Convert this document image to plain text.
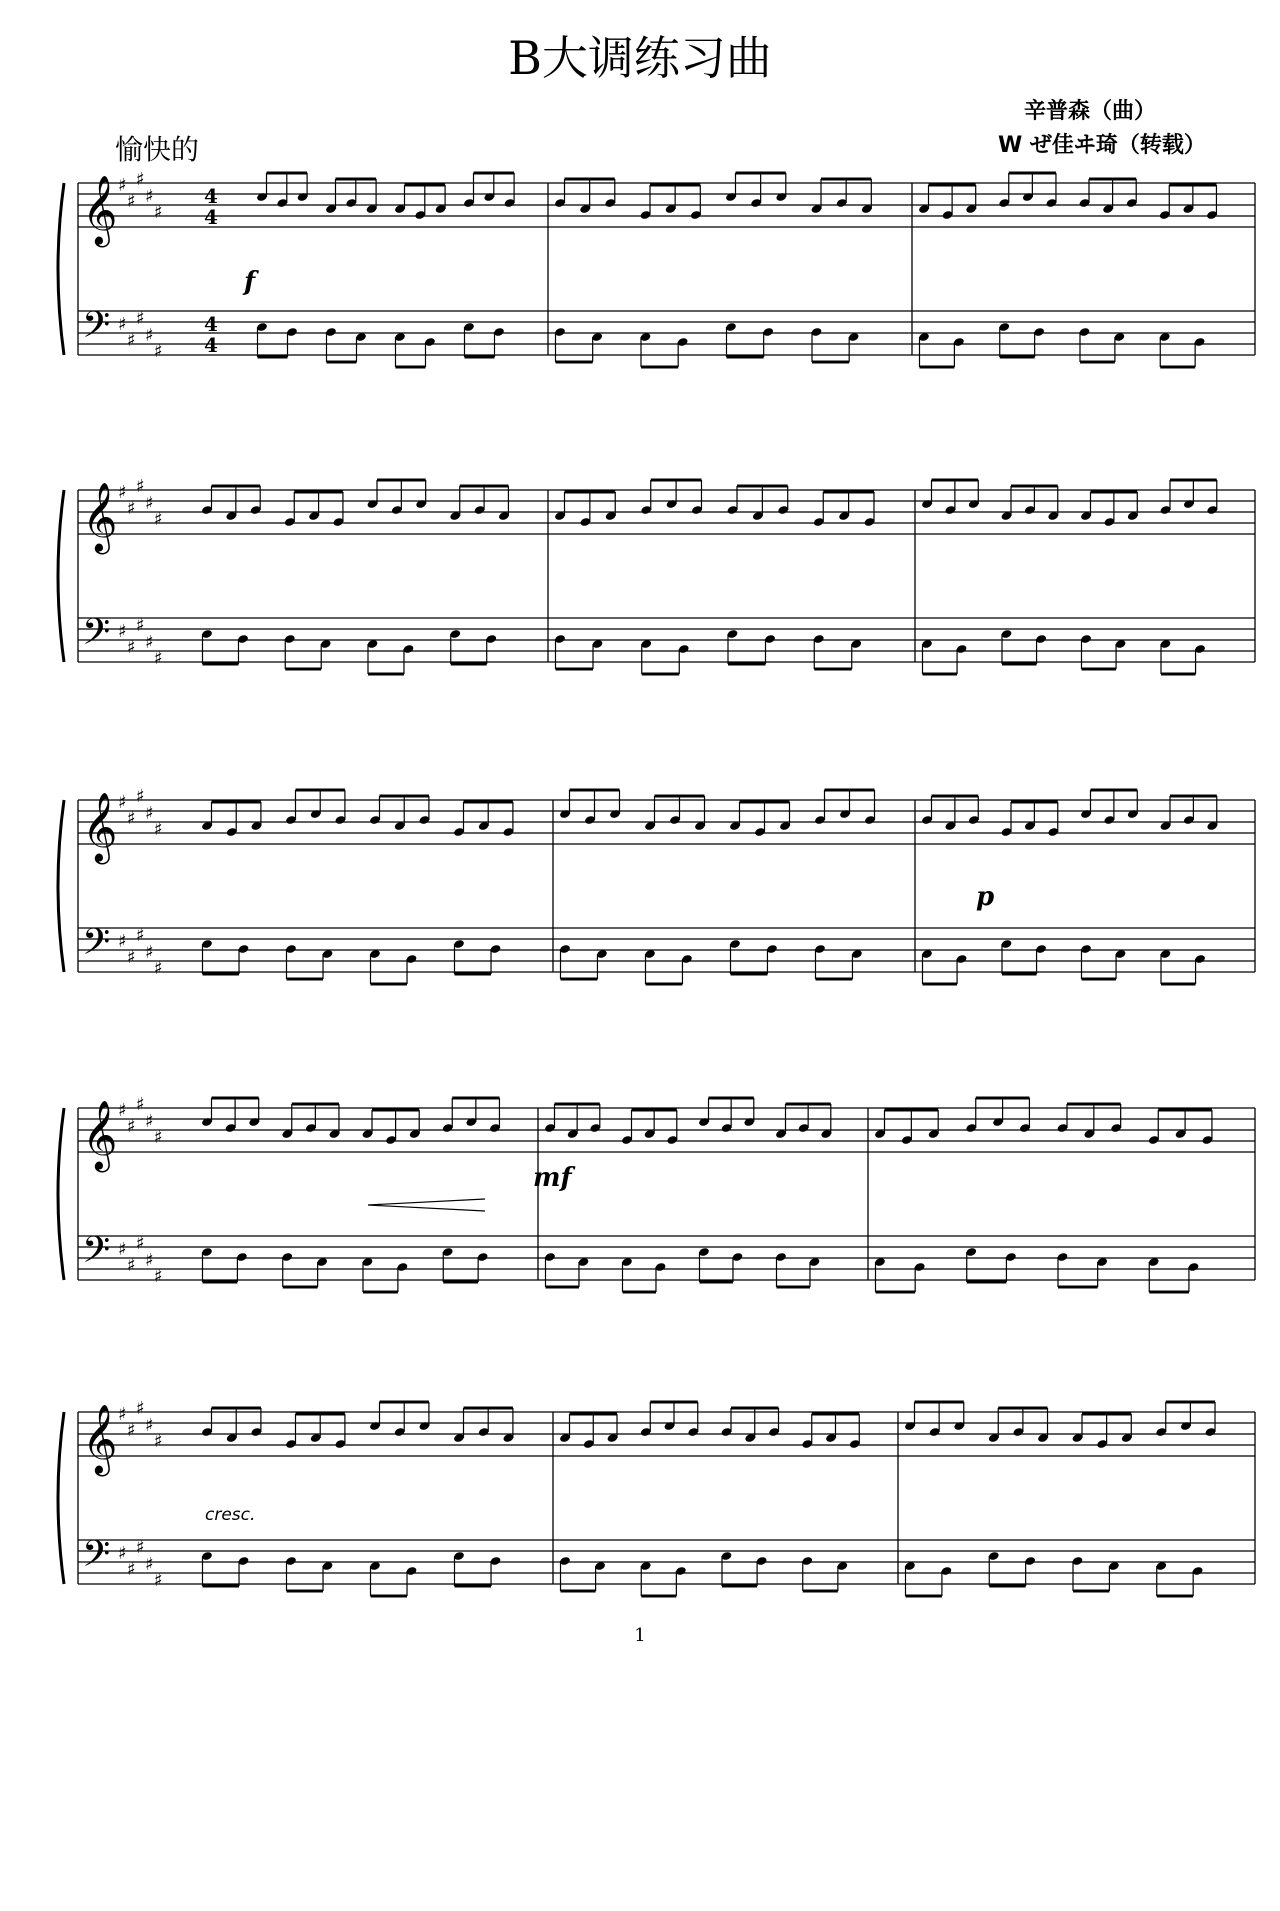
B大调练习曲
辛普森（曲）
W ぜ佳ヰ琦（转载）
愉快的
f
p
mf
cresc.
𝄞
𝄢
♯
♯
♯
♯
♯
♯
♯
♯
♯
♯
4
4
4
4
𝄞
𝄢
♯
♯
♯
♯
♯
♯
♯
♯
♯
♯
𝄞
𝄢
♯
♯
♯
♯
♯
♯
♯
♯
♯
♯
𝄞
𝄢
♯
♯
♯
♯
♯
♯
♯
♯
♯
♯
𝄞
𝄢
♯
♯
♯
♯
♯
♯
♯
♯
♯
♯
1
